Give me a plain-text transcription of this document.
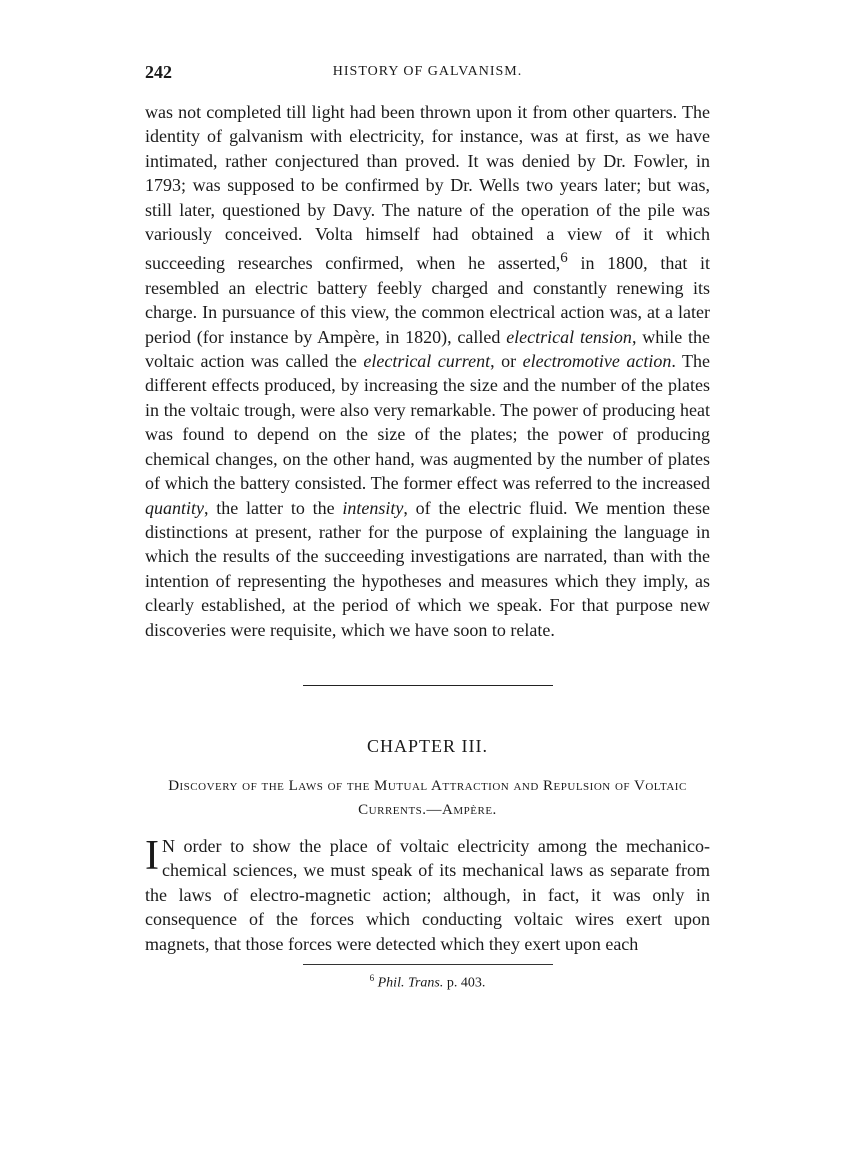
242	HISTORY OF GALVANISM.

was not completed till light had been thrown upon it from other quarters. The identity of galvanism with electricity, for instance, was at first, as we have intimated, rather conjectured than proved. It was denied by Dr. Fowler, in 1793; was supposed to be confirmed by Dr. Wells two years later; but was, still later, questioned by Davy. The nature of the operation of the pile was variously conceived. Volta himself had obtained a view of it which succeeding researches confirmed, when he asserted,$^6$ in 1800, that it resembled an electric battery feebly charged and constantly renewing its charge. In pursuance of this view, the common electrical action was, at a later period (for instance by Ampère, in 1820), called electrical tension, while the voltaic action was called the electrical current, or electromotive action. The different effects produced, by increasing the size and the number of the plates in the voltaic trough, were also very remarkable. The power of producing heat was found to depend on the size of the plates; the power of producing chemical changes, on the other hand, was augmented by the number of plates of which the battery consisted. The former effect was referred to the increased quantity, the latter to the intensity, of the electric fluid. We mention these distinctions at present, rather for the purpose of explaining the language in which the results of the succeeding investigations are narrated, than with the intention of representing the hypotheses and measures which they imply, as clearly established, at the period of which we speak. For that purpose new discoveries were requisite, which we have soon to relate.

CHAPTER III.
Discovery of the Laws of the Mutual Attraction and Repulsion of Voltaic Currents.—Ampère.
I N order to show the place of voltaic electricity among the mechanico-chemical sciences, we must speak of its mechanical laws as separate from the laws of electro-magnetic action; although, in fact, it was only in consequence of the forces which conducting voltaic wires exert upon magnets, that those forces were detected which they exert upon each
$^6$ Phil. Trans. p. 403.
